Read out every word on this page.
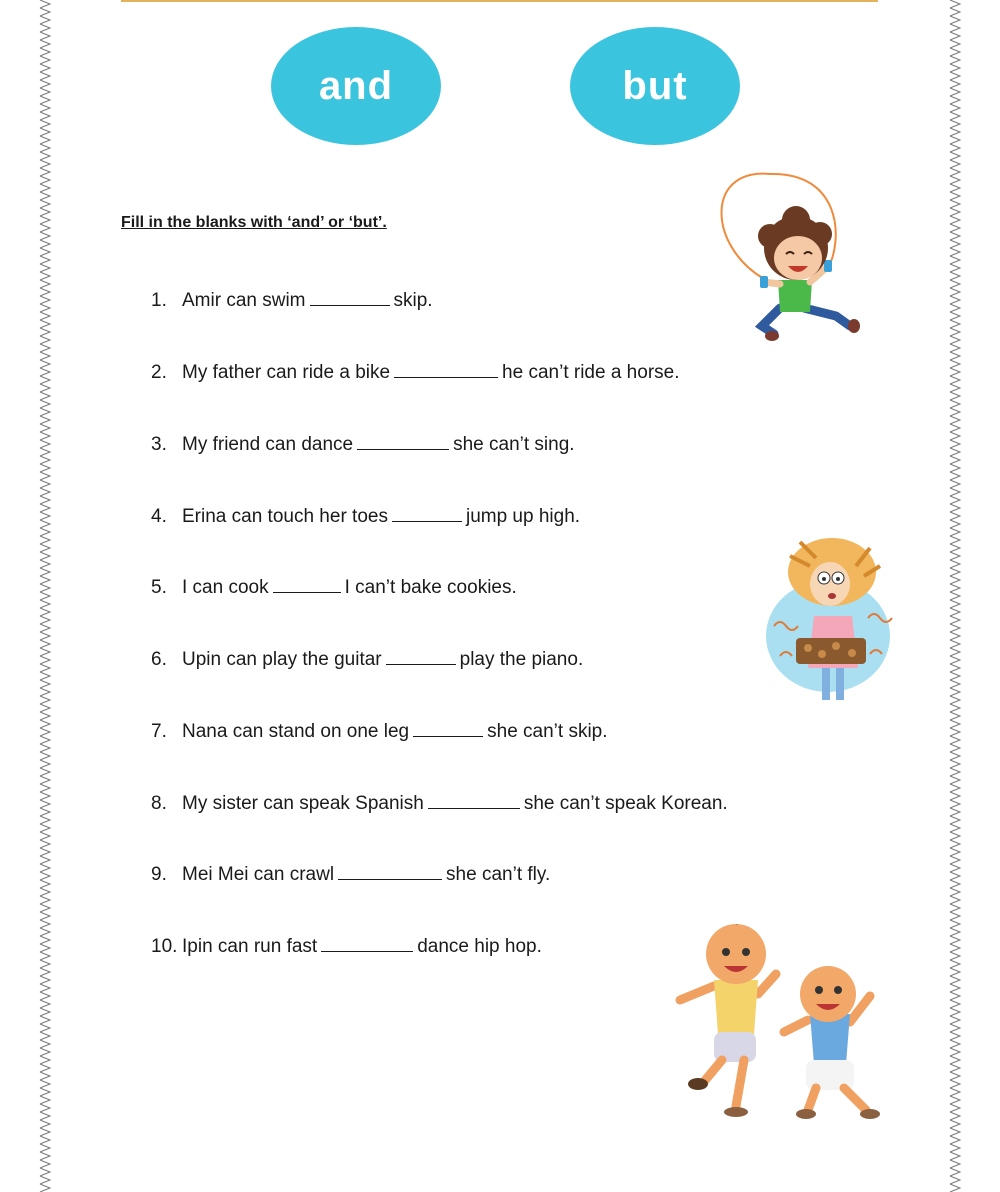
and	but
Fill in the blanks with ‘and’ or ‘but’.
1. Amir can swim	skip.
2. My father can ride a bike	he can’t ride a horse.
3. My friend can dance	she can’t sing.
4. Erina can touch her toes	jump up high.
5. I can cook	I can’t bake cookies.
6. Upin can play the guitar	play the piano.
7. Nana can stand on one leg	she can’t skip.
8. My sister can speak Spanish	she can’t speak Korean.
9. Mei Mei can crawl	she can’t fly.
10. Ipin can run fast	dance hip hop.
